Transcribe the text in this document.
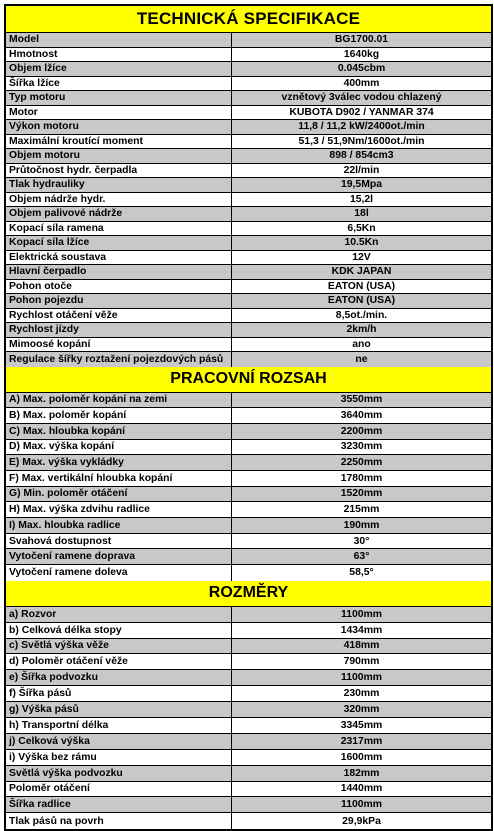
TECHNICKÁ SPECIFIKACE
Model	BG1700.01
Hmotnost	1640kg
Objem lžíce	0.045cbm
Šířka lžíce	400mm
Typ motoru	vznětový 3válec vodou chlazený
Motor	KUBOTA D902 / YANMAR 374
Výkon motoru	11,8 / 11,2 kW/2400ot./min
Maximální kroutící moment	51,3 / 51,9Nm/1600ot./min
Objem motoru	898 / 854cm3
Průtočnost hydr. čerpadla	22l/min
Tlak hydrauliky	19,5Mpa
Objem nádrže hydr.	15,2l
Objem palivové nádrže	18l
Kopací síla ramena	6,5Kn
Kopací síla lžíce	10.5Kn
Elektrická soustava	12V
Hlavní čerpadlo	KDK JAPAN
Pohon otoče	EATON (USA)
Pohon pojezdu	EATON (USA)
Rychlost otáčení věže	8,5ot./min.
Rychlost jízdy	2km/h
Mimoosé kopání	ano
Regulace šířky roztažení pojezdových pásů	ne
PRACOVNÍ ROZSAH
A) Max. poloměr kopání na zemi	3550mm
B) Max. poloměr kopání	3640mm
C) Max. hloubka kopání	2200mm
D) Max. výška kopání	3230mm
E) Max. výška vykládky	2250mm
F) Max. vertikální hloubka kopání	1780mm
G) Min. poloměr otáčení	1520mm
H) Max. výška zdvihu radlice	215mm
I) Max. hloubka radlice	190mm
Svahová dostupnost	30°
Vytočení ramene doprava	63°
Vytočení ramene doleva	58,5°
ROZMĚRY
a) Rozvor	1100mm
b) Celková délka stopy	1434mm
c) Světlá výška věže	418mm
d) Poloměr otáčení věže	790mm
e) Šířka podvozku	1100mm
f) Šířka pásů	230mm
g) Výška pásů	320mm
h) Transportní délka	3345mm
j) Celková výška	2317mm
i) Výška bez rámu	1600mm
Světlá výška podvozku	182mm
Poloměr otáčení	1440mm
Šířka radlice	1100mm
Tlak pásů na povrh	29,9kPa
